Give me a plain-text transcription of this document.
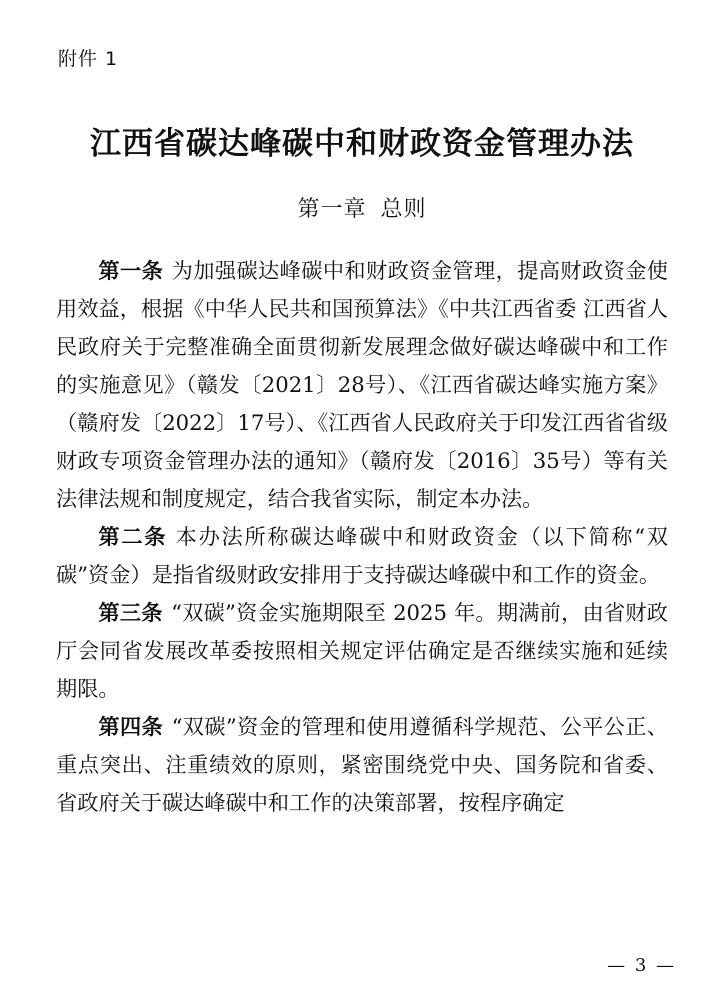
附件 1
江西省碳达峰碳中和财政资金管理办法
第一章 总则

第一条 为加强碳达峰碳中和财政资金管理，提高财政资金使用效益，根据《中华人民共和国预算法》《中共江西省委 江西省人民政府关于完整准确全面贯彻新发展理念做好碳达峰碳中和工作的实施意见》（赣发〔2021〕28号）、《江西省碳达峰实施方案》（赣府发〔2022〕17号）、《江西省人民政府关于印发江西省省级财政专项资金管理办法的通知》（赣府发〔2016〕35号）等有关法律法规和制度规定，结合我省实际，制定本办法。

第二条 本办法所称碳达峰碳中和财政资金（以下简称“双碳”资金）是指省级财政安排用于支持碳达峰碳中和工作的资金。

第三条 “双碳”资金实施期限至 2025 年。期满前，由省财政厅会同省发展改革委按照相关规定评估确定是否继续实施和延续期限。

第四条 “双碳”资金的管理和使用遵循科学规范、公平公正、重点突出、注重绩效的原则，紧密围绕党中央、国务院和省委、省政府关于碳达峰碳中和工作的决策部署，按程序确定

— 3 —
